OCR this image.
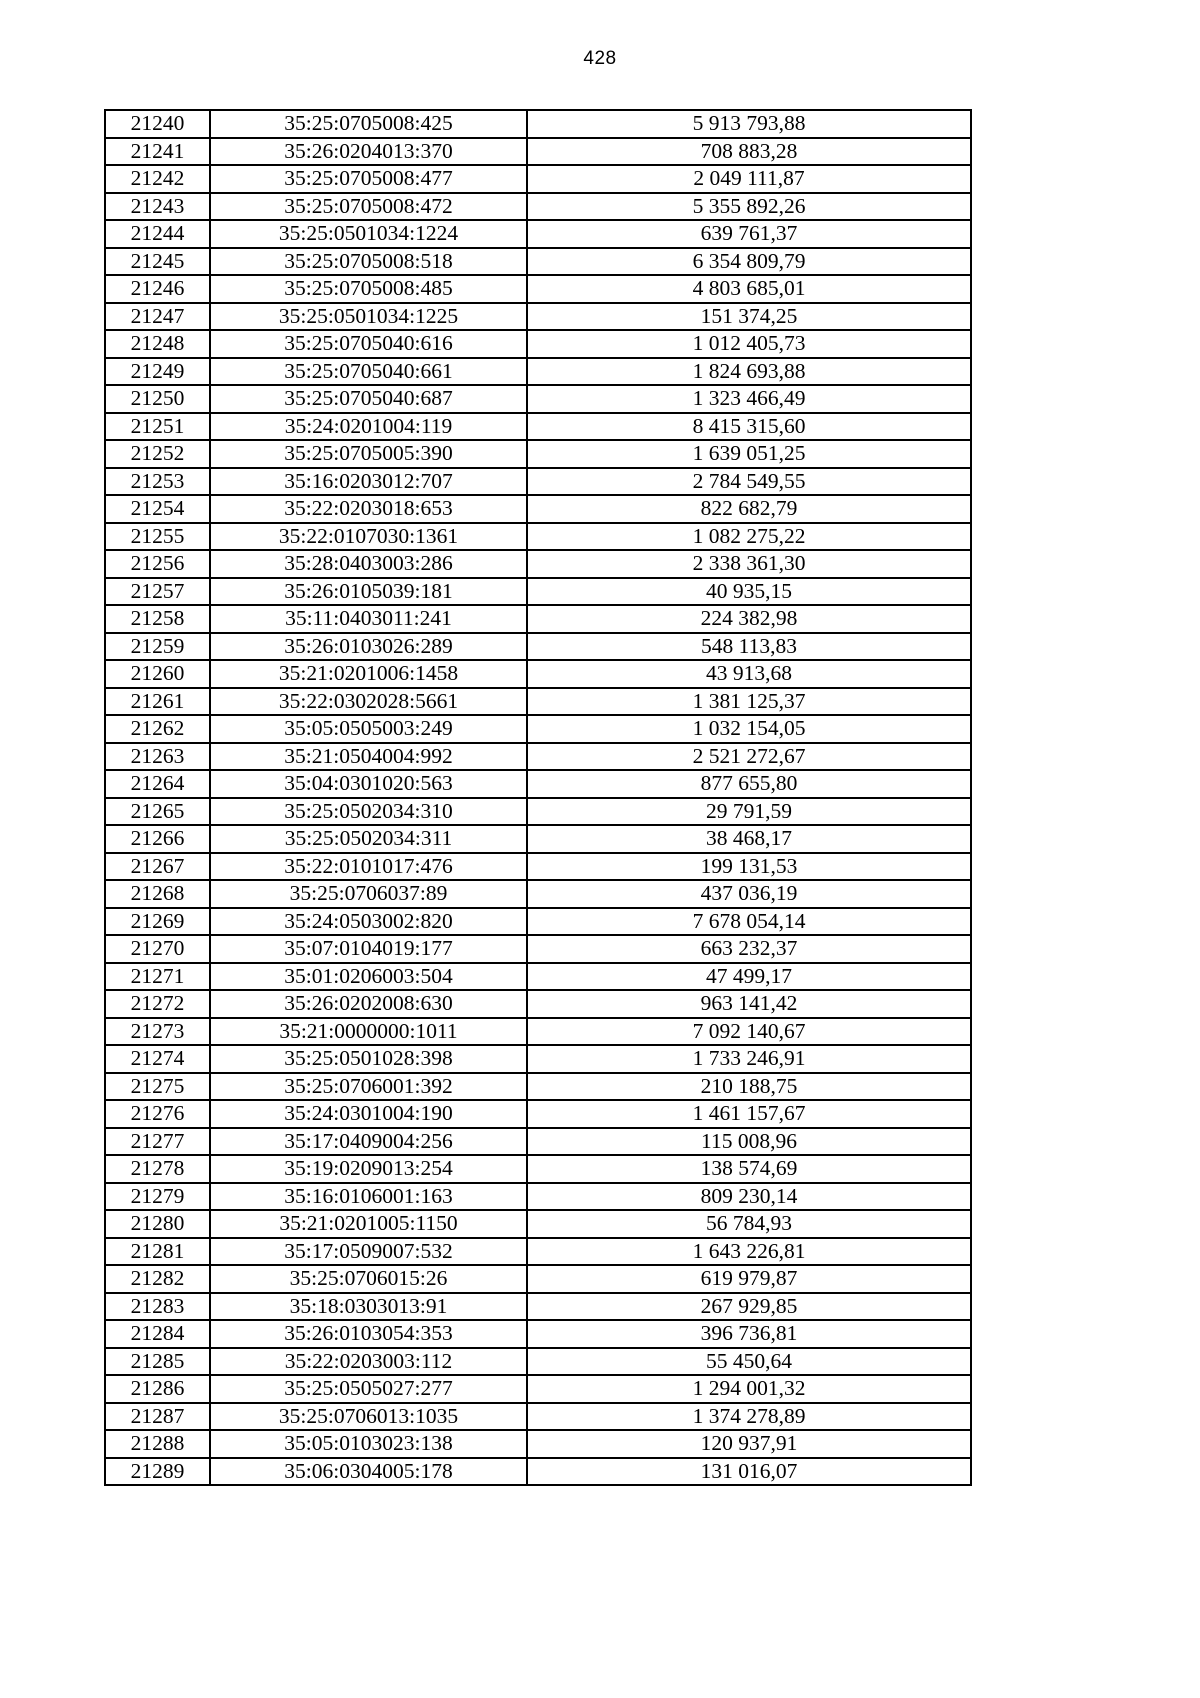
428
21240	35:25:0705008:425	5 913 793,88
21241	35:26:0204013:370	708 883,28
21242	35:25:0705008:477	2 049 111,87
21243	35:25:0705008:472	5 355 892,26
21244	35:25:0501034:1224	639 761,37
21245	35:25:0705008:518	6 354 809,79
21246	35:25:0705008:485	4 803 685,01
21247	35:25:0501034:1225	151 374,25
21248	35:25:0705040:616	1 012 405,73
21249	35:25:0705040:661	1 824 693,88
21250	35:25:0705040:687	1 323 466,49
21251	35:24:0201004:119	8 415 315,60
21252	35:25:0705005:390	1 639 051,25
21253	35:16:0203012:707	2 784 549,55
21254	35:22:0203018:653	822 682,79
21255	35:22:0107030:1361	1 082 275,22
21256	35:28:0403003:286	2 338 361,30
21257	35:26:0105039:181	40 935,15
21258	35:11:0403011:241	224 382,98
21259	35:26:0103026:289	548 113,83
21260	35:21:0201006:1458	43 913,68
21261	35:22:0302028:5661	1 381 125,37
21262	35:05:0505003:249	1 032 154,05
21263	35:21:0504004:992	2 521 272,67
21264	35:04:0301020:563	877 655,80
21265	35:25:0502034:310	29 791,59
21266	35:25:0502034:311	38 468,17
21267	35:22:0101017:476	199 131,53
21268	35:25:0706037:89	437 036,19
21269	35:24:0503002:820	7 678 054,14
21270	35:07:0104019:177	663 232,37
21271	35:01:0206003:504	47 499,17
21272	35:26:0202008:630	963 141,42
21273	35:21:0000000:1011	7 092 140,67
21274	35:25:0501028:398	1 733 246,91
21275	35:25:0706001:392	210 188,75
21276	35:24:0301004:190	1 461 157,67
21277	35:17:0409004:256	115 008,96
21278	35:19:0209013:254	138 574,69
21279	35:16:0106001:163	809 230,14
21280	35:21:0201005:1150	56 784,93
21281	35:17:0509007:532	1 643 226,81
21282	35:25:0706015:26	619 979,87
21283	35:18:0303013:91	267 929,85
21284	35:26:0103054:353	396 736,81
21285	35:22:0203003:112	55 450,64
21286	35:25:0505027:277	1 294 001,32
21287	35:25:0706013:1035	1 374 278,89
21288	35:05:0103023:138	120 937,91
21289	35:06:0304005:178	131 016,07
